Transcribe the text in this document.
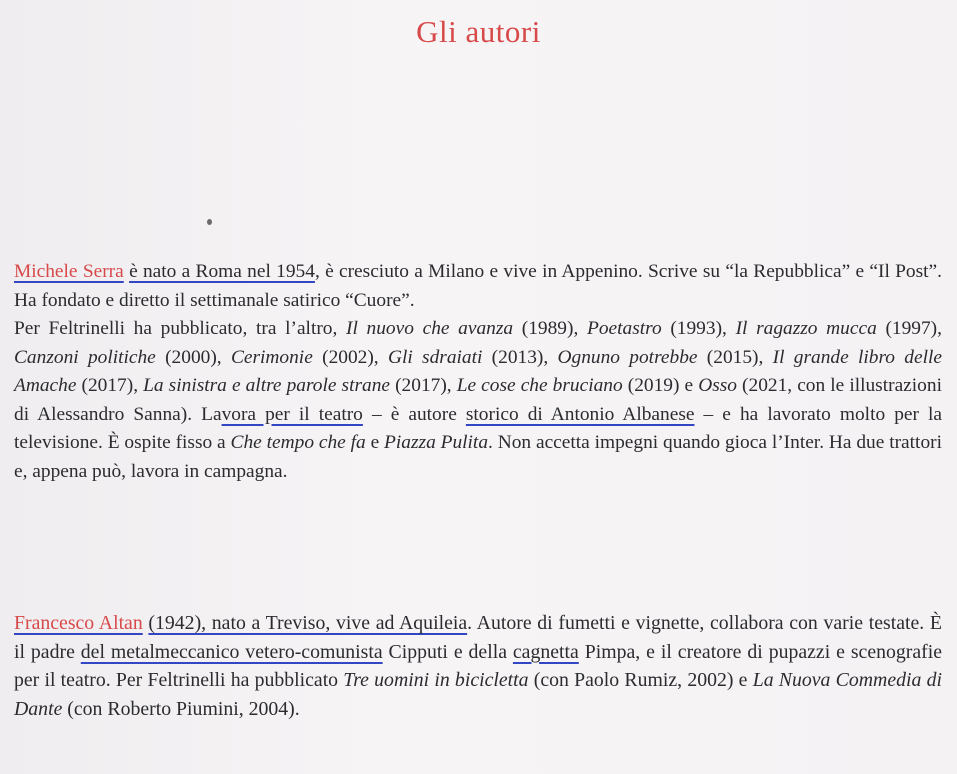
Gli autori
Michele Serra è nato a Roma nel 1954, è cresciuto a Milano e vive in Appenino. Scrive su “la Repubblica” e “Il Post”. Ha fondato e diretto il settimanale satirico “Cuore”.
Per Feltrinelli ha pubblicato, tra l’altro, Il nuovo che avanza (1989), Poetastro (1993), Il ragazzo mucca (1997), Canzoni politiche (2000), Cerimonie (2002), Gli sdraiati (2013), Ognuno potrebbe (2015), Il grande libro delle Amache (2017), La sinistra e altre parole strane (2017), Le cose che bruciano (2019) e Osso (2021, con le illustrazioni di Alessandro Sanna). Lavora per il teatro – è autore storico di Antonio Albanese – e ha lavorato molto per la televisione. È ospite fisso a Che tempo che fa e Piazza Pulita. Non accetta impegni quando gioca l’Inter. Ha due trattori e, appena può, lavora in campagna.
Francesco Altan (1942), nato a Treviso, vive ad Aquileia. Autore di fumetti e vignette, collabora con varie testate. È il padre del metalmeccanico vetero-comunista Cipputi e della cagnetta Pimpa, e il creatore di pupazzi e scenografie per il teatro. Per Feltrinelli ha pubblicato Tre uomini in bicicletta (con Paolo Rumiz, 2002) e La Nuova Commedia di Dante (con Roberto Piumini, 2004).
